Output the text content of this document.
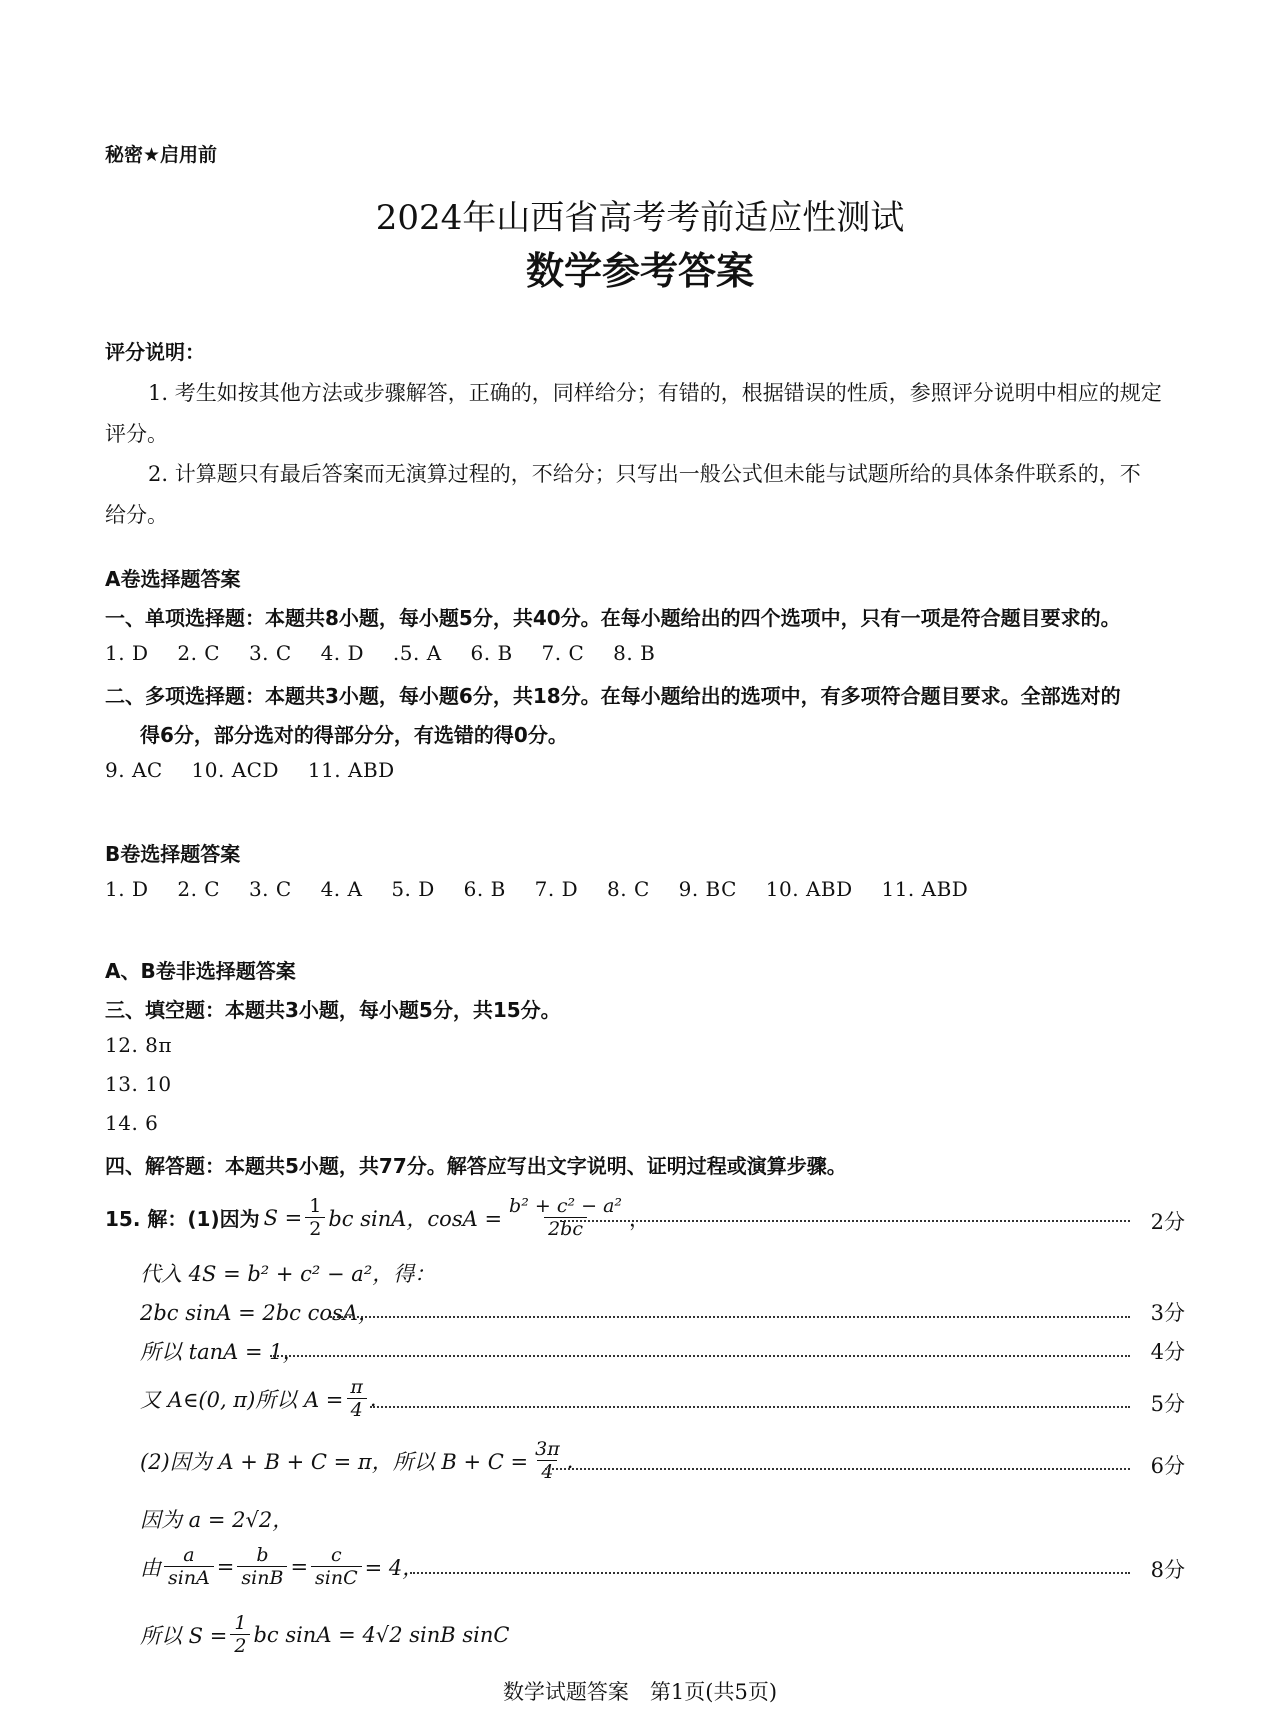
秘密★启用前
2024年山西省高考考前适应性测试
数学参考答案
评分说明：
1. 考生如按其他方法或步骤解答，正确的，同样给分；有错的，根据错误的性质，参照评分说明中相应的规定
评分。
2. 计算题只有最后答案而无演算过程的，不给分；只写出一般公式但未能与试题所给的具体条件联系的，不
给分。
A卷选择题答案
一、单项选择题：本题共8小题，每小题5分，共40分。在每小题给出的四个选项中，只有一项是符合题目要求的。
1. D 2. C 3. C 4. D .5. A 6. B 7. C 8. B
二、多项选择题：本题共3小题，每小题6分，共18分。在每小题给出的选项中，有多项符合题目要求。全部选对的
得6分，部分选对的得部分分，有选错的得0分。
9. AC 10. ACD 11. ABD
B卷选择题答案
1. D 2. C 3. C 4. A 5. D 6. B 7. D 8. C 9. BC 10. ABD 11. ABD
A、B卷非选择题答案
三、填空题：本题共3小题，每小题5分，共15分。
12. 8π
13. 10
14. 6
四、解答题：本题共5小题，共77分。解答应写出文字说明、证明过程或演算步骤。
15. 解：(1)因为 $S = \frac{1}{2}$ bc sinA，$\cos A = \frac{\text{b² + c² − a²}}{2bc}$ ，	2分
代入 4S = b² + c² − a²，得：
2bc sinA = 2bc cosA，	3分
所以 tanA = 1，	4分
又 A∈(0, π)所以 $A = \frac{\pi}{4}$ .	5分
(2)因为 A + B + C = π，所以 $B + C = \frac{3\pi}{4}$ .	6分
因为 a = 2√2，
由 $\frac{a}{\sin A} = \frac{b}{\sin B} = \frac{c}{\sin C} = 4$，	8分
所以 $S = \frac{1}{2}$ bc sinA = 4√2 sinB sinC
数学试题答案　第1页(共5页)
